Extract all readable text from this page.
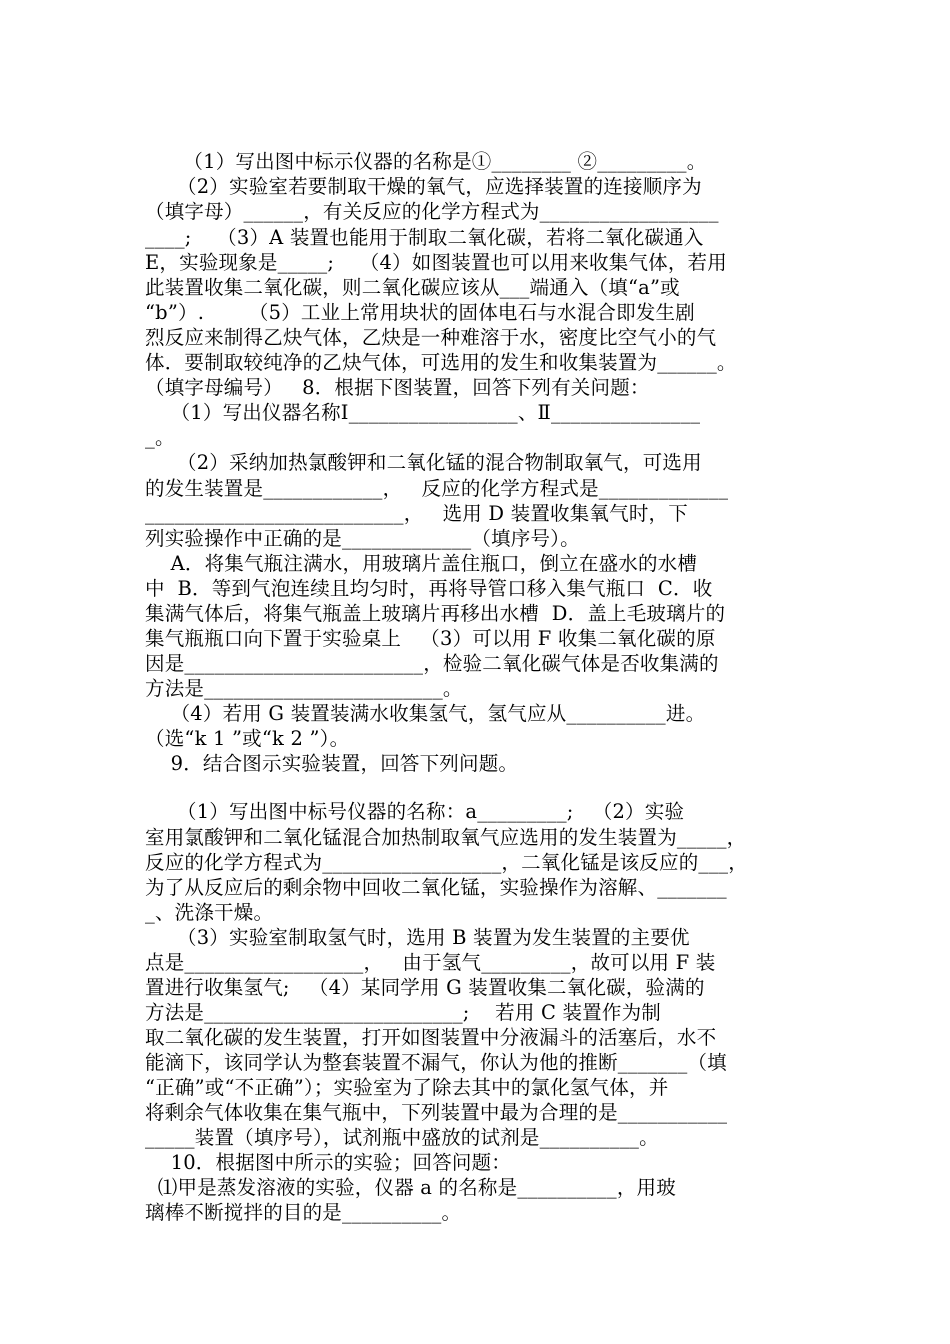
（1）写出图中标示仪器的名称是①________ ②_________。
（2）实验室若要制取干燥的氧气，应选择装置的连接顺序为
（填字母）______，有关反应的化学方程式为__________________
____;    （3）A 装置也能用于制取二氧化碳，若将二氧化碳通入
E，实验现象是_____;    （4）如图装置也可以用来收集气体，若用
此装置收集二氧化碳，则二氧化碳应该从___端通入（填“a”或
“b”）.       （5）工业上常用块状的固体电石与水混合即发生剧
烈反应来制得乙炔气体，乙炔是一种难溶于水，密度比空气小的气
体．要制取较纯净的乙炔气体，可选用的发生和收集装置为______。
（填字母编号）   8．根据下图装置，回答下列有关问题：
（1）写出仪器名称Ⅰ_________________、Ⅱ_______________
_。
（2）采纳加热氯酸钾和二氧化锰的混合物制取氧气，可选用
的发生装置是____________，   反应的化学方程式是_____________
__________________________，   选用 D 装置收集氧气时，下
列实验操作中正确的是_____________（填序号）。
A．将集气瓶注满水，用玻璃片盖住瓶口，倒立在盛水的水槽
中  B．等到气泡连续且均匀时，再将导管口移入集气瓶口  C．收
集满气体后，将集气瓶盖上玻璃片再移出水槽  D．盖上毛玻璃片的
集气瓶瓶口向下置于实验桌上   （3）可以用 F 收集二氧化碳的原
因是________________________，检验二氧化碳气体是否收集满的
方法是________________________。
（4）若用 G 装置装满水收集氢气，氢气应从__________进。
（选“k 1 ”或“k 2 ”）。
9．结合图示实验装置，回答下列问题。
（1）写出图中标号仪器的名称：a_________;   （2）实验
室用氯酸钾和二氧化锰混合加热制取氧气应选用的发生装置为_____，
反应的化学方程式为__________________，二氧化锰是该反应的___，
为了从反应后的剩余物中回收二氧化锰，实验操作为溶解、_______
_、洗涤干燥。
（3）实验室制取氢气时，选用 B 装置为发生装置的主要优
点是__________________，   由于氢气_________，故可以用 F 装
置进行收集氢气;   （4）某同学用 G 装置收集二氧化碳，验满的
方法是__________________________;    若用 C 装置作为制
取二氧化碳的发生装置，打开如图装置中分液漏斗的活塞后，水不
能滴下，该同学认为整套装置不漏气，你认为他的推断_______（填
“正确”或“不正确”）；实验室为了除去其中的氯化氢气体，并
将剩余气体收集在集气瓶中，下列装置中最为合理的是___________
_____装置（填序号），试剂瓶中盛放的试剂是__________。
10．根据图中所示的实验；回答问题：
⑴甲是蒸发溶液的实验，仪器 a 的名称是__________，用玻
璃棒不断搅拌的目的是__________。
